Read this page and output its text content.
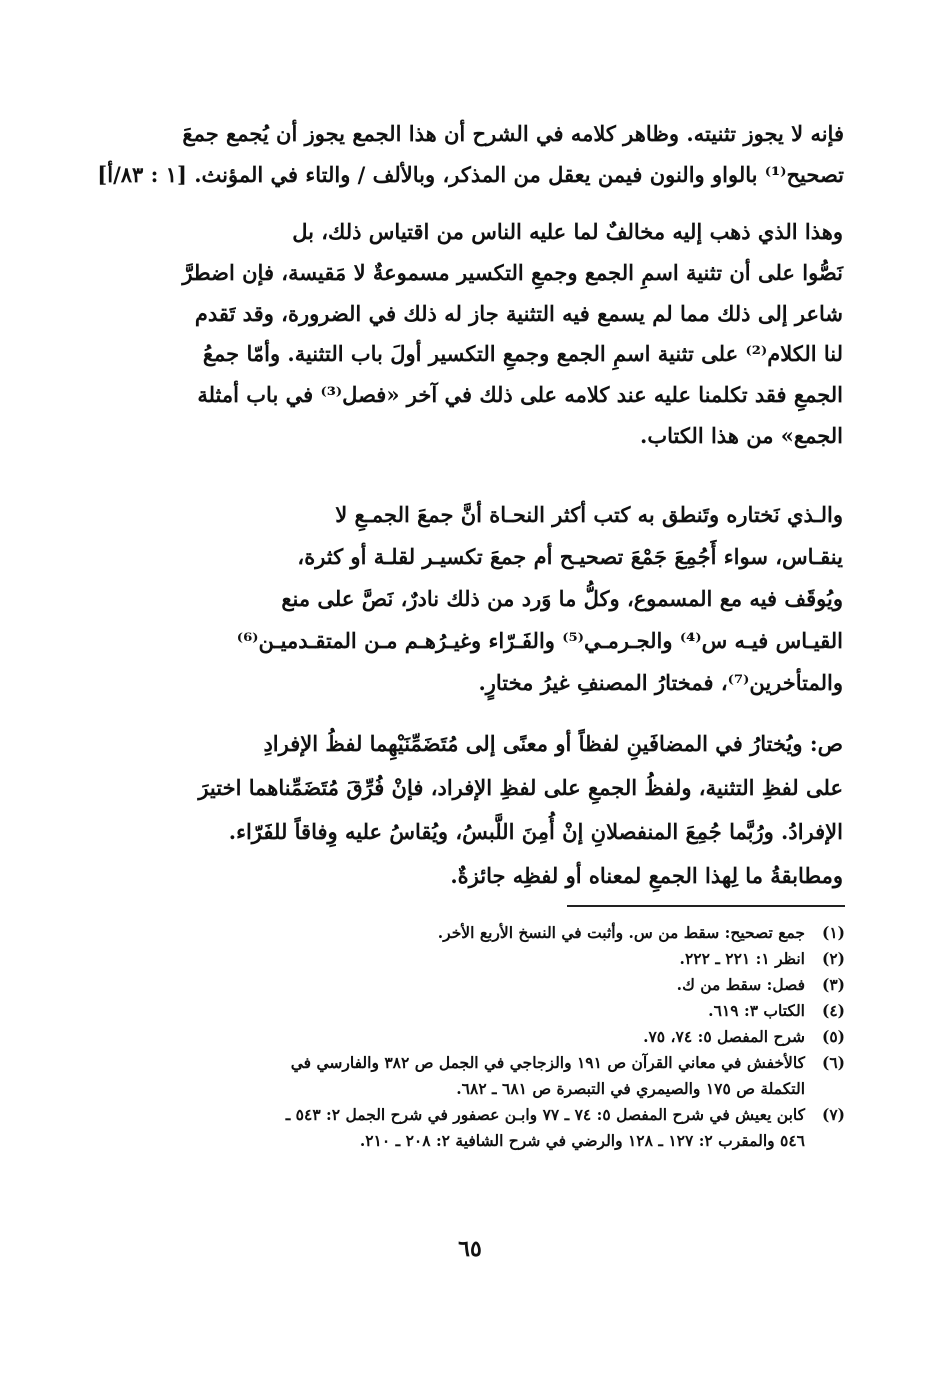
فإنه لا يجوز تثنيته. وظاهر كلامه في الشرح أن هذا الجمع يجوز أن يُجمع جمعَ
تصحيح⁽¹⁾ بالواو والنون فيمن يعقل من المذكر، وبالألف / والتاء في المؤنث. [١ : ٨٣/أ]
وهذا الذي ذهب إليه مخالفٌ لما عليه الناس من اقتياس ذلك، بل
نَصُّوا على أن تثنية اسمِ الجمع وجمعِ التكسير مسموعةٌ لا مَقيسة، فإن اضطرَّ
شاعر إلى ذلك مما لم يسمع فيه التثنية جاز له ذلك في الضرورة، وقد تَقدم
لنا الكلام⁽²⁾ على تثنية اسمِ الجمع وجمعِ التكسير أولَ باب التثنية. وأمّا جمعُ
الجمعِ فقد تكلمنا عليه عند كلامه على ذلك في آخر «فصل⁽³⁾ في باب أمثلة
الجمع» من هذا الكتاب.
والـذي نَختاره وتَنطق به كتب أكثر النحـاة أنَّ جمعَ الجمـعِ لا
ينقـاس، سواء أَجُمِعَ جَمْعَ تصحيـح أم جمعَ تكسيـر لقلـة أو كثرة،
ويُوقَف فيه مع المسموع، وكلُّ ما وَرد من ذلك نادرٌ، نَصَّ على منع
القيـاس فيـه س⁽⁴⁾ والجـرمـي⁽⁵⁾ والفَـرّاء وغيـرُهـم مـن المتقـدميـن⁽⁶⁾
والمتأخرين⁽⁷⁾، فمختارُ المصنفِ غيرُ مختارٍ.
ص: ويُختارُ في المضافَينِ لفظاً أو معنًى إلى مُتَضَمِّنَيْهِما لفظُ الإفرادِ
على لفظِ التثنية، ولفظُ الجمعِ على لفظِ الإفراد، فإنْ فُرِّقَ مُتَضَمِّناهما اختيرَ
الإفرادُ. ورُبَّما جُمِعَ المنفصلانِ إنْ أُمِنَ اللَّبسُ، ويُقاسُ عليه وِفاقاً للفَرّاء.
ومطابقةُ ما لِهذا الجمعِ لمعناه أو لفظِه جائزةٌ.
(١)
جمع تصحيح: سقط من س. وأثبت في النسخ الأربع الأخر.
(٢)
انظر ١: ٢٢١ ـ ٢٢٢.
(٣)
فصل: سقط من ك.
(٤)
الكتاب ٣: ٦١٩.
(٥)
شرح المفصل ٥: ٧٤، ٧٥.
(٦)
كالأخفش في معاني القرآن ص ١٩١ والزجاجي في الجمل ص ٣٨٢ والفارسي في
التكملة ص ١٧٥ والصيمري في التبصرة ص ٦٨١ ـ ٦٨٢.
(٧)
كابن يعيش في شرح المفصل ٥: ٧٤ ـ ٧٧ وابـن عصفور في شرح الجمل ٢: ٥٤٣ ـ
٥٤٦ والمقرب ٢: ١٢٧ ـ ١٢٨ والرضي في شرح الشافية ٢: ٢٠٨ ـ ٢١٠.
٦٥
